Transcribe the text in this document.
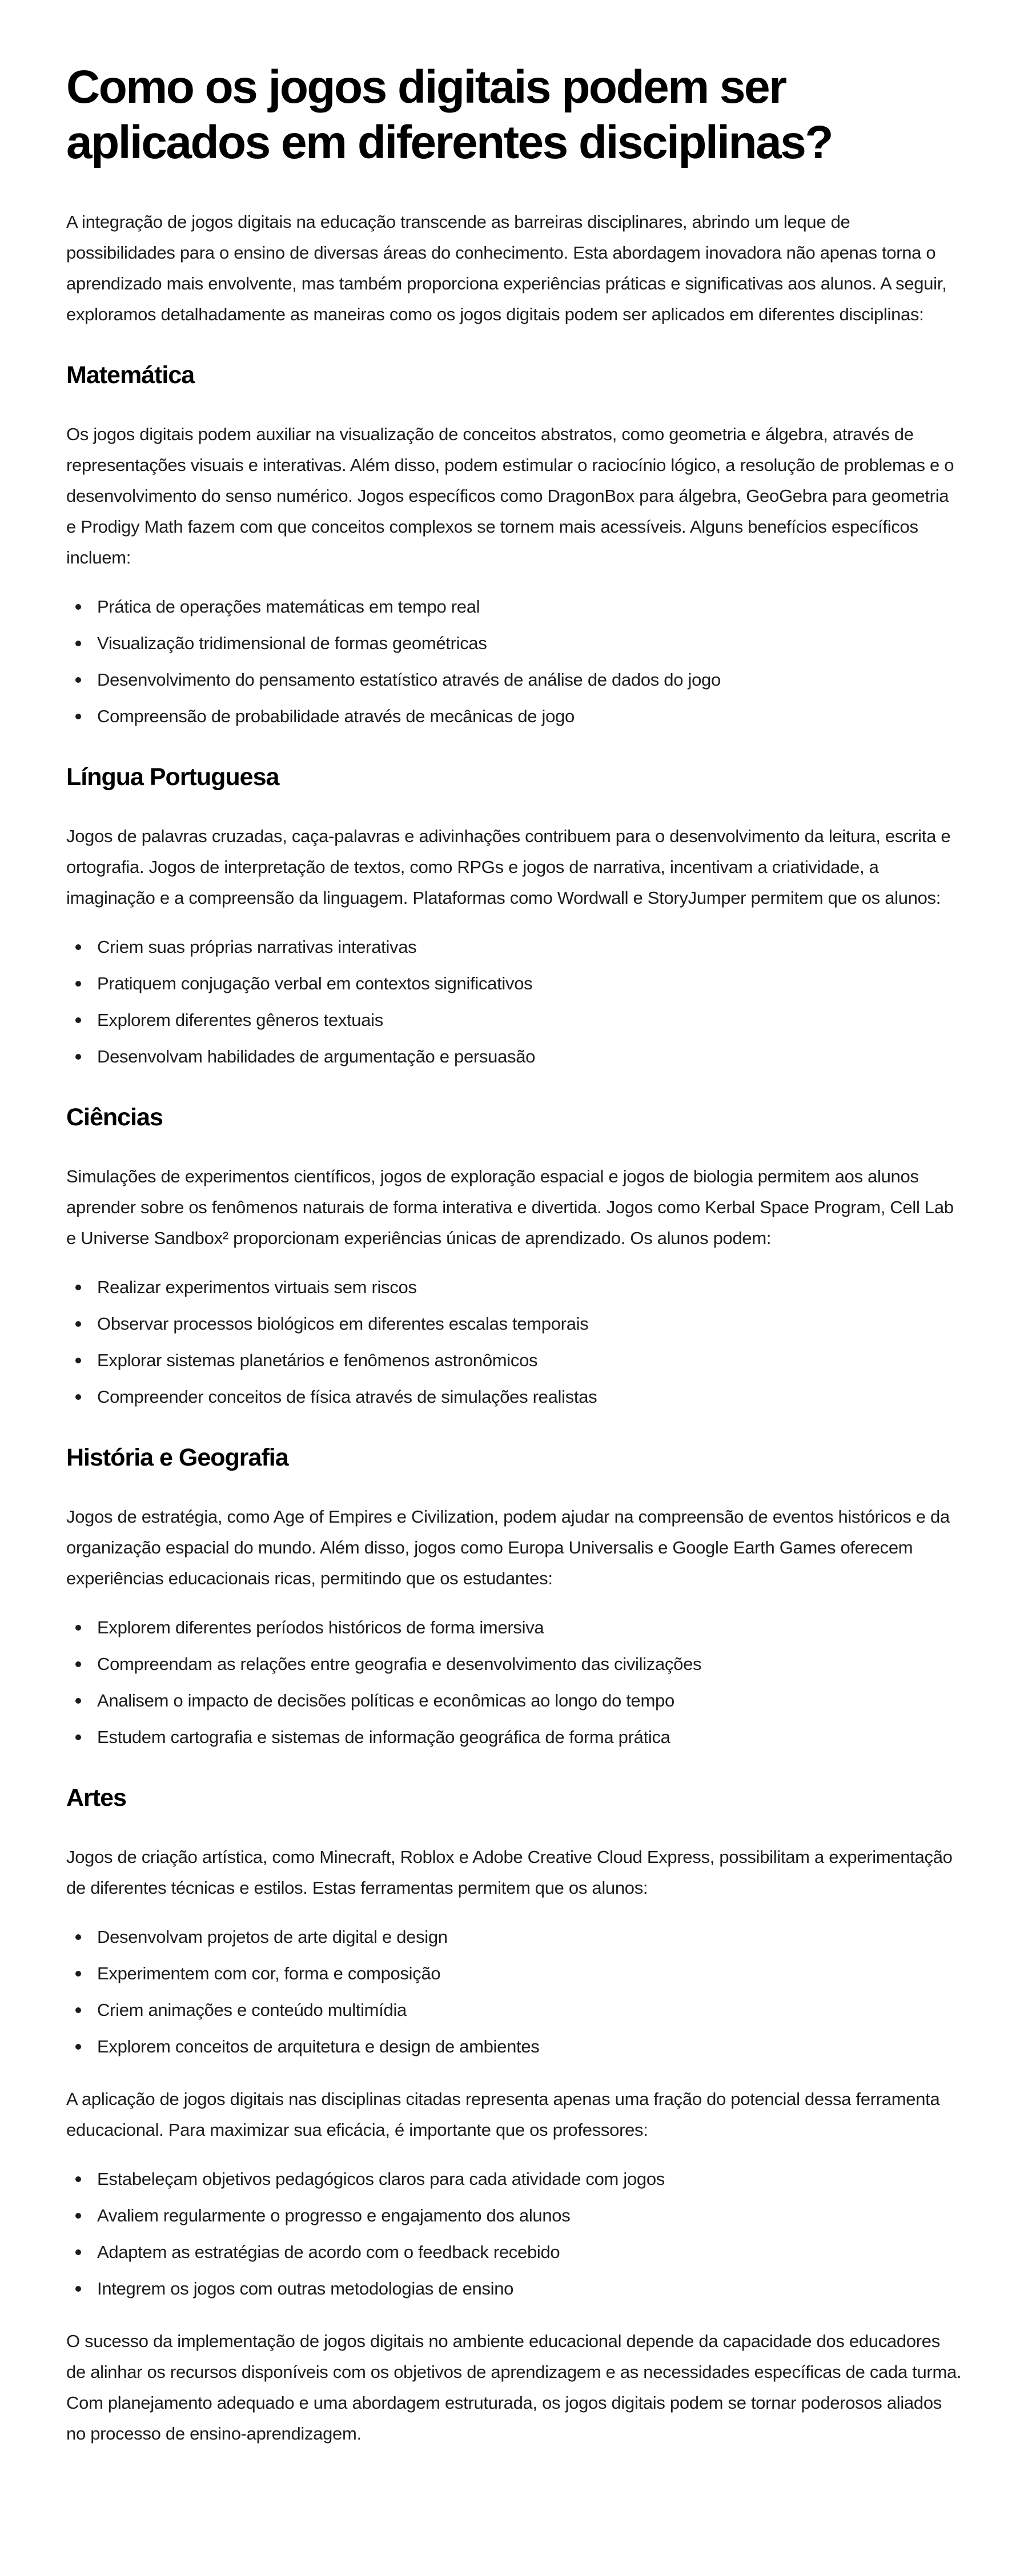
Como os jogos digitais podem ser aplicados em diferentes disciplinas?

A integração de jogos digitais na educação transcende as barreiras disciplinares, abrindo um leque de possibilidades para o ensino de diversas áreas do conhecimento. Esta abordagem inovadora não apenas torna o aprendizado mais envolvente, mas também proporciona experiências práticas e significativas aos alunos. A seguir, exploramos detalhadamente as maneiras como os jogos digitais podem ser aplicados em diferentes disciplinas:

Matemática

Os jogos digitais podem auxiliar na visualização de conceitos abstratos, como geometria e álgebra, através de representações visuais e interativas. Além disso, podem estimular o raciocínio lógico, a resolução de problemas e o desenvolvimento do senso numérico. Jogos específicos como DragonBox para álgebra, GeoGebra para geometria e Prodigy Math fazem com que conceitos complexos se tornem mais acessíveis. Alguns benefícios específicos incluem:

Prática de operações matemáticas em tempo real
Visualização tridimensional de formas geométricas
Desenvolvimento do pensamento estatístico através de análise de dados do jogo
Compreensão de probabilidade através de mecânicas de jogo
Língua Portuguesa

Jogos de palavras cruzadas, caça-palavras e adivinhações contribuem para o desenvolvimento da leitura, escrita e ortografia. Jogos de interpretação de textos, como RPGs e jogos de narrativa, incentivam a criatividade, a imaginação e a compreensão da linguagem. Plataformas como Wordwall e StoryJumper permitem que os alunos:

Criem suas próprias narrativas interativas
Pratiquem conjugação verbal em contextos significativos
Explorem diferentes gêneros textuais
Desenvolvam habilidades de argumentação e persuasão
Ciências

Simulações de experimentos científicos, jogos de exploração espacial e jogos de biologia permitem aos alunos aprender sobre os fenômenos naturais de forma interativa e divertida. Jogos como Kerbal Space Program, Cell Lab e Universe Sandbox² proporcionam experiências únicas de aprendizado. Os alunos podem:

Realizar experimentos virtuais sem riscos
Observar processos biológicos em diferentes escalas temporais
Explorar sistemas planetários e fenômenos astronômicos
Compreender conceitos de física através de simulações realistas
História e Geografia

Jogos de estratégia, como Age of Empires e Civilization, podem ajudar na compreensão de eventos históricos e da organização espacial do mundo. Além disso, jogos como Europa Universalis e Google Earth Games oferecem experiências educacionais ricas, permitindo que os estudantes:

Explorem diferentes períodos históricos de forma imersiva
Compreendam as relações entre geografia e desenvolvimento das civilizações
Analisem o impacto de decisões políticas e econômicas ao longo do tempo
Estudem cartografia e sistemas de informação geográfica de forma prática
Artes

Jogos de criação artística, como Minecraft, Roblox e Adobe Creative Cloud Express, possibilitam a experimentação de diferentes técnicas e estilos. Estas ferramentas permitem que os alunos:

Desenvolvam projetos de arte digital e design
Experimentem com cor, forma e composição
Criem animações e conteúdo multimídia
Explorem conceitos de arquitetura e design de ambientes

A aplicação de jogos digitais nas disciplinas citadas representa apenas uma fração do potencial dessa ferramenta educacional. Para maximizar sua eficácia, é importante que os professores:

Estabeleçam objetivos pedagógicos claros para cada atividade com jogos
Avaliem regularmente o progresso e engajamento dos alunos
Adaptem as estratégias de acordo com o feedback recebido
Integrem os jogos com outras metodologias de ensino

O sucesso da implementação de jogos digitais no ambiente educacional depende da capacidade dos educadores de alinhar os recursos disponíveis com os objetivos de aprendizagem e as necessidades específicas de cada turma. Com planejamento adequado e uma abordagem estruturada, os jogos digitais podem se tornar poderosos aliados no processo de ensino-aprendizagem.
